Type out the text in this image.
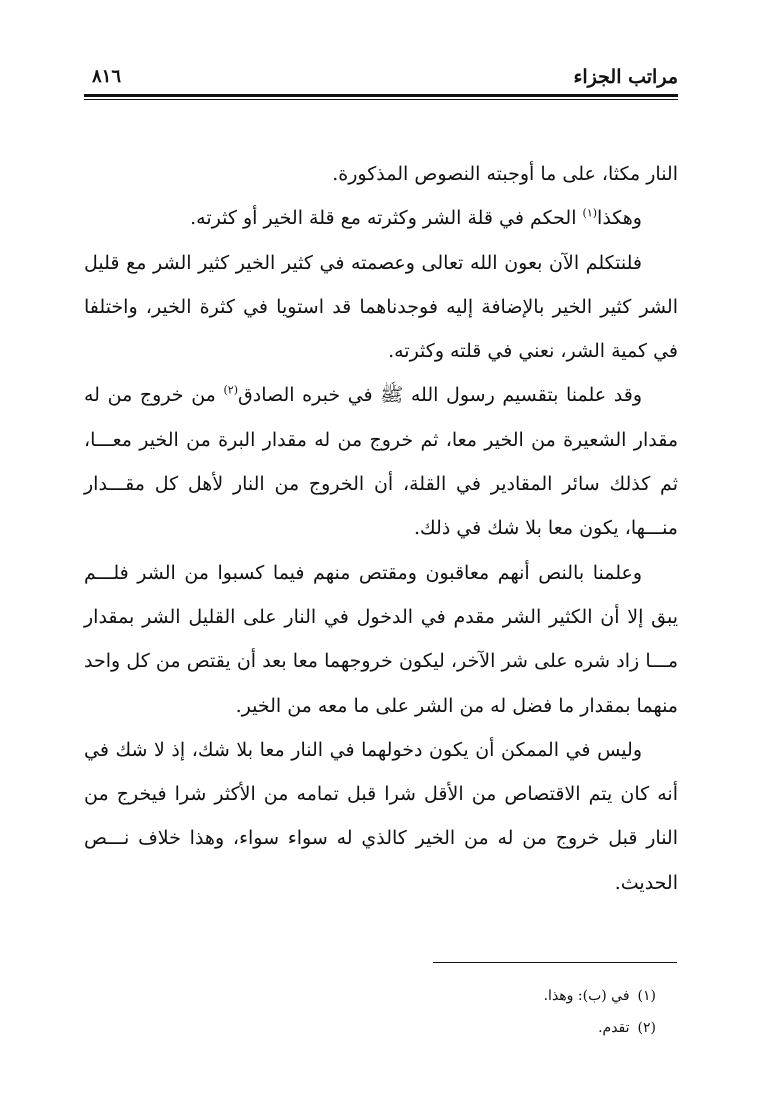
مراتب الجزاء
٨١٦

النار مكثا، على ما أوجبته النصوص المذكورة.

وهكذا$^{(١)}$ الحكم في قلة الشر وكثرته مع قلة الخير أو كثرته.

فلنتكلم الآن بعون الله تعالى وعصمته في كثير الخير كثير الشر مع قليل الشر كثير الخير بالإضافة إليه فوجدناهما قد استويا في كثرة الخير، واختلفا في كمية الشر، نعني في قلته وكثرته.

وقد علمنا بتقسيم رسول الله ﷺ في خبره الصادق$^{(٢)}$ من خروج من له مقدار الشعيرة من الخير معا، ثم خروج من له مقدار البرة من الخير معـــا، ثم كذلك سائر المقادير في القلة، أن الخروج من النار لأهل كل مقـــدار منـــها، يكون معا بلا شك في ذلك.

وعلمنا بالنص أنهم معاقبون ومقتص منهم فيما كسبوا من الشر فلـــم يبق إلا أن الكثير الشر مقدم في الدخول في النار على القليل الشر بمقدار مـــا زاد شره على شر الآخر، ليكون خروجهما معا بعد أن يقتص من كل واحد منهما بمقدار ما فضل له من الشر على ما معه من الخير.

وليس في الممكن أن يكون دخولهما في النار معا بلا شك، إذ لا شك في أنه كان يتم الاقتصاص من الأقل شرا قبل تمامه من الأكثر شرا فيخرج من النار قبل خروج من له من الخير كالذي له سواء سواء، وهذا خلاف نـــص الحديث.

(١)في (ب): وهذا.
(٢)تقدم.
